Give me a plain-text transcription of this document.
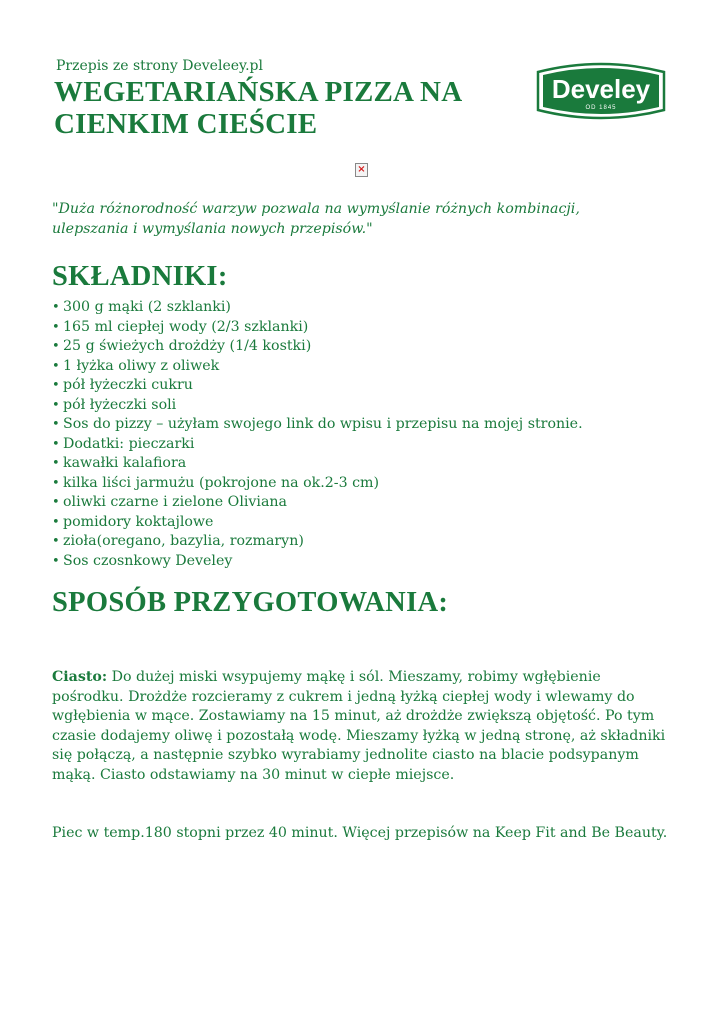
Przepis ze strony Develeey.pl
WEGETARIAŃSKA PIZZA NA CIENKIM CIEŚCIE
Develey
OD 1845
×

"Duża różnorodność warzyw pozwala na wymyślanie różnych kombinacji, ulepszania i wymyślania nowych przepisów."

SKŁADNIKI:
• 300 g mąki (2 szklanki)
• 165 ml ciepłej wody (2/3 szklanki)
• 25 g świeżych drożdży (1/4 kostki)
• 1 łyżka oliwy z oliwek
• pół łyżeczki cukru
• pół łyżeczki soli
• Sos do pizzy – użyłam swojego link do wpisu i przepisu na mojej stronie.
• Dodatki: pieczarki
• kawałki kalafiora
• kilka liści jarmużu (pokrojone na ok.2-3 cm)
• oliwki czarne i zielone Oliviana
• pomidory koktajlowe
• zioła(oregano, bazylia, rozmaryn)
• Sos czosnkowy Develey
SPOSÓB PRZYGOTOWANIA:

Ciasto: Do dużej miski wsypujemy mąkę i sól. Mieszamy, robimy wgłębienie pośrodku. Drożdże rozcieramy z cukrem i jedną łyżką ciepłej wody i wlewamy do wgłębienia w mące. Zostawiamy na 15 minut, aż drożdże zwiększą objętość. Po tym czasie dodajemy oliwę i pozostałą wodę. Mieszamy łyżką w jedną stronę, aż składniki się połączą, a następnie szybko wyrabiamy jednolite ciasto na blacie podsypanym mąką. Ciasto odstawiamy na 30 minut w ciepłe miejsce.

Piec w temp.180 stopni przez 40 minut. Więcej przepisów na Keep Fit and Be Beauty.
